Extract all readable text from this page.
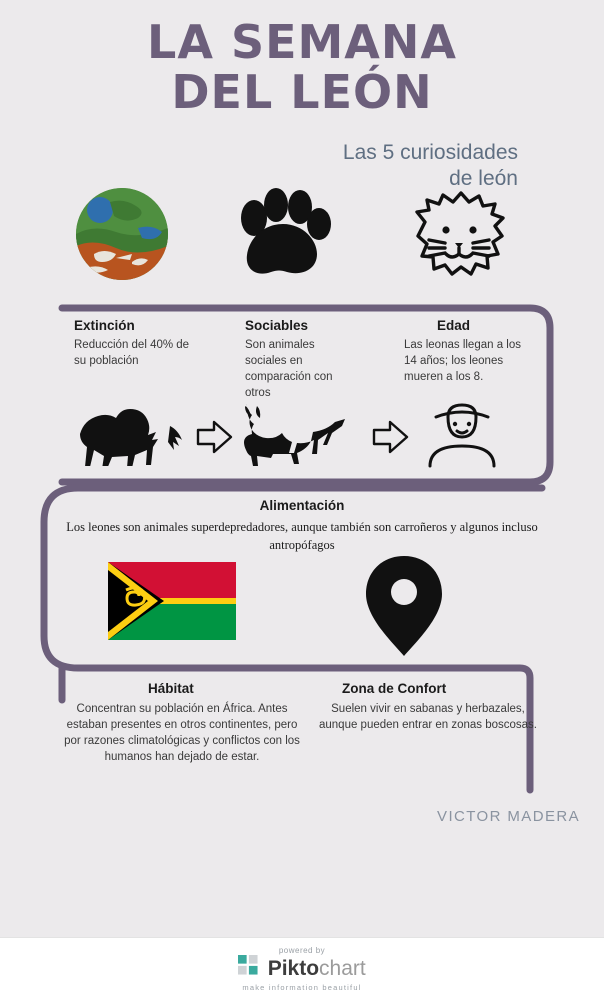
LA SEMANA
DEL LEÓN
Las 5 curiosidades
de león
Extinción
Reducción del 40% de su población
Sociables
Son animales sociales en comparación con otros
Edad
Las leonas llegan a los 14 años; los leones mueren a los 8.
Alimentación
Los leones son animales superdepredadores, aunque también son carroñeros y algunos incluso antropófagos
Hábitat
Concentran su población en África. Antes estaban presentes en otros continentes, pero por razones climatológicas y conflictos con los humanos han dejado de estar.
Zona de Confort
Suelen vivir en sabanas y herbazales, aunque pueden entrar en zonas boscosas.
VICTOR MADERA
powered by
Piktochart
make information beautiful
